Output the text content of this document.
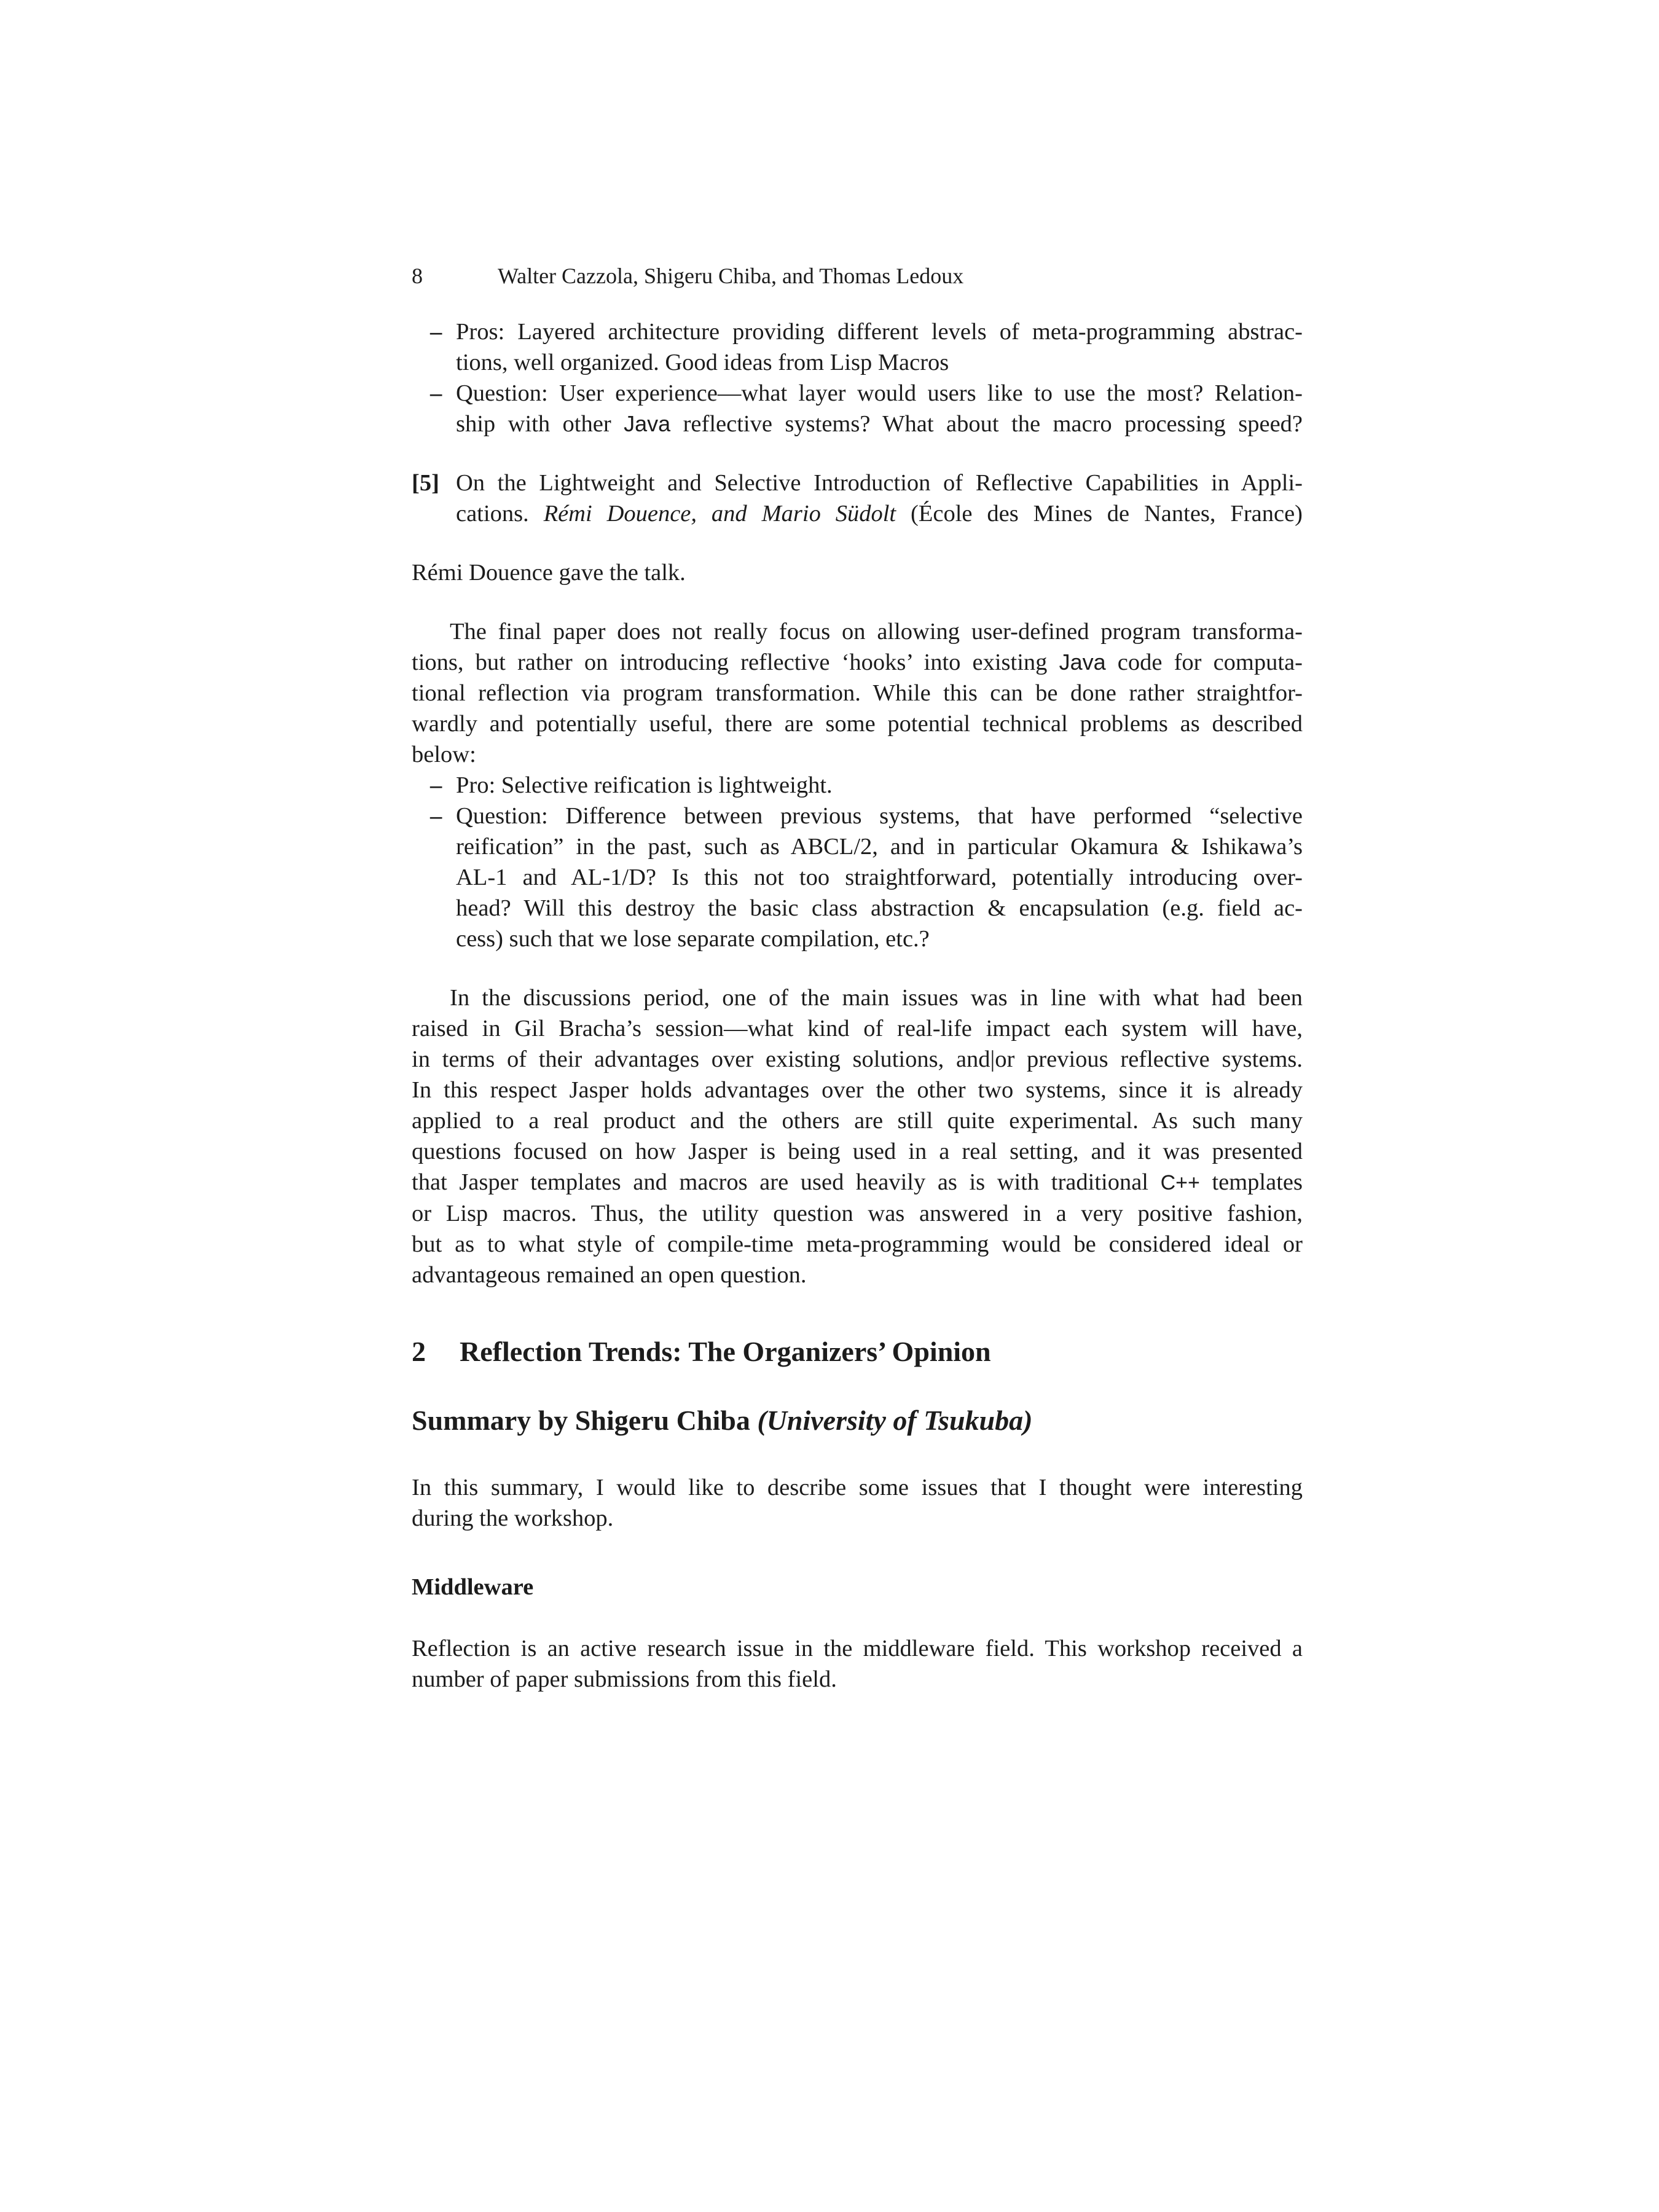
8	Walter Cazzola, Shigeru Chiba, and Thomas Ledoux
– Pros: Layered architecture providing different levels of meta-programming abstrac-
tions, well organized. Good ideas from Lisp Macros
– Question: User experience—what layer would users like to use the most? Relation-
ship with other Java reflective systems? What about the macro processing speed?
[5] On the Lightweight and Selective Introduction of Reflective Capabilities in Appli-
cations. Rémi Douence, and Mario Südolt (École des Mines de Nantes, France)

Rémi Douence gave the talk.

The final paper does not really focus on allowing user-defined program transforma-
tions, but rather on introducing reflective ‘hooks’ into existing Java code for computa-
tional reflection via program transformation. While this can be done rather straightfor-
wardly and potentially useful, there are some potential technical problems as described
below:
– Pro: Selective reification is lightweight.
– Question: Difference between previous systems, that have performed “selective
reification” in the past, such as ABCL/2, and in particular Okamura & Ishikawa’s
AL-1 and AL-1/D? Is this not too straightforward, potentially introducing over-
head? Will this destroy the basic class abstraction & encapsulation (e.g. field ac-
cess) such that we lose separate compilation, etc.?
In the discussions period, one of the main issues was in line with what had been
raised in Gil Bracha’s session—what kind of real-life impact each system will have,
in terms of their advantages over existing solutions, and|or previous reflective systems.
In this respect Jasper holds advantages over the other two systems, since it is already
applied to a real product and the others are still quite experimental. As such many
questions focused on how Jasper is being used in a real setting, and it was presented
that Jasper templates and macros are used heavily as is with traditional C++ templates
or Lisp macros. Thus, the utility question was answered in a very positive fashion,
but as to what style of compile-time meta-programming would be considered ideal or
advantageous remained an open question.
2 Reflection Trends: The Organizers’ Opinion
Summary by Shigeru Chiba (University of Tsukuba)
In this summary, I would like to describe some issues that I thought were interesting
during the workshop.
Middleware
Reflection is an active research issue in the middleware field. This workshop received a
number of paper submissions from this field.
